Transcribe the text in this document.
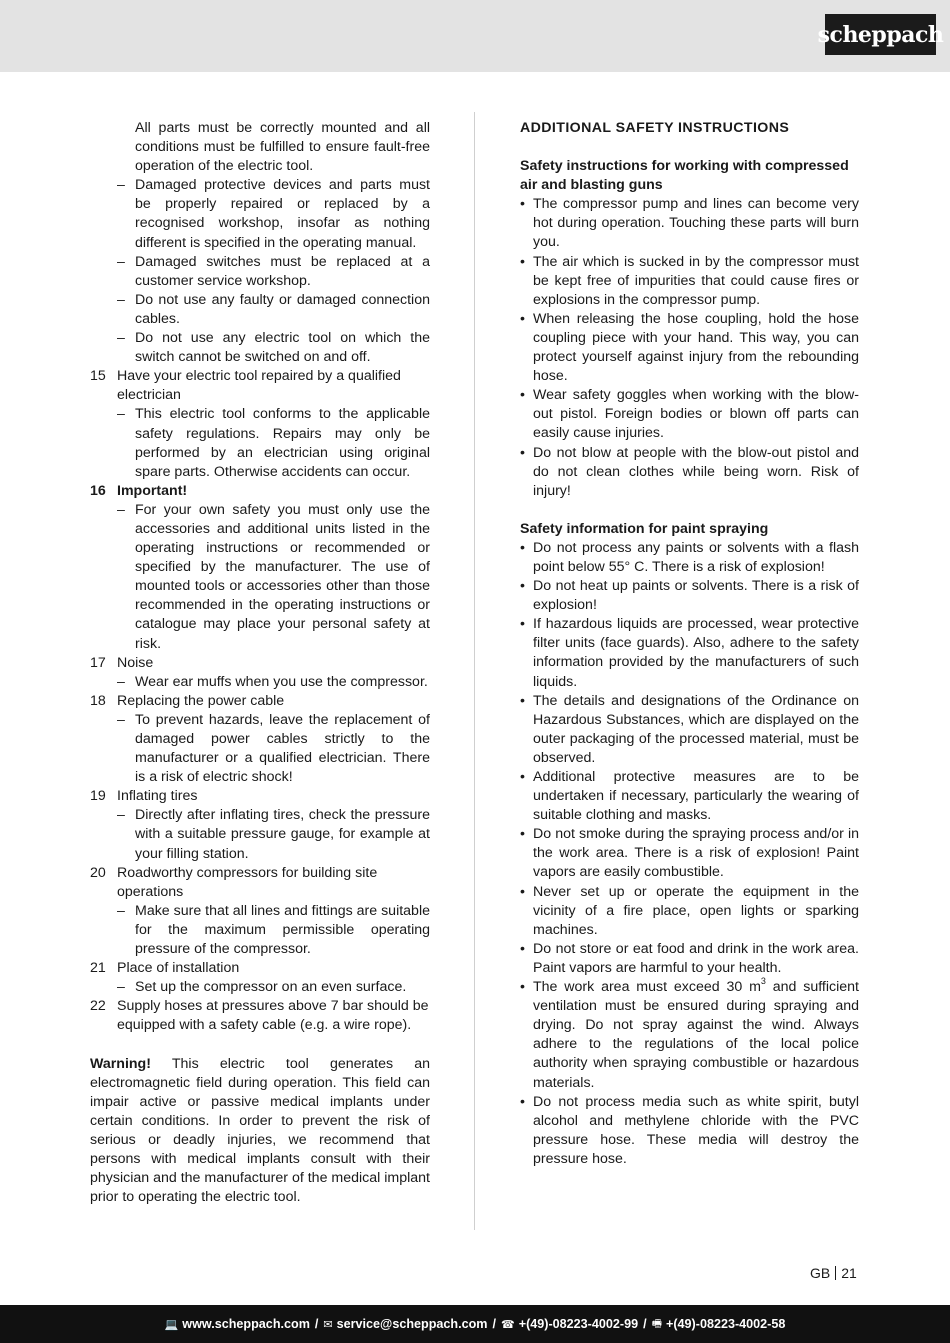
scheppach
All parts must be correctly mounted and all conditions must be fulfilled to ensure fault-free operation of the electric tool.
– Damaged protective devices and parts must be properly repaired or replaced by a recognised workshop, insofar as nothing different is specified in the operating manual.
– Damaged switches must be replaced at a customer service workshop.
– Do not use any faulty or damaged connection cables.
– Do not use any electric tool on which the switch cannot be switched on and off.
15 Have your electric tool repaired by a qualified electrician
– This electric tool conforms to the applicable safety regulations. Repairs may only be performed by an electrician using original spare parts. Otherwise accidents can occur.
16 Important!
– For your own safety you must only use the accessories and additional units listed in the operating instructions or recommended or specified by the manufacturer. The use of mounted tools or accessories other than those recommended in the operating instructions or catalogue may place your personal safety at risk.
17 Noise
– Wear ear muffs when you use the compressor.
18 Replacing the power cable
– To prevent hazards, leave the replacement of damaged power cables strictly to the manufacturer or a qualified electrician. There is a risk of electric shock!
19 Inflating tires
– Directly after inflating tires, check the pressure with a suitable pressure gauge, for example at your filling station.
20 Roadworthy compressors for building site operations
– Make sure that all lines and fittings are suitable for the maximum permissible operating pressure of the compressor.
21 Place of installation
– Set up the compressor on an even surface.
22 Supply hoses at pressures above 7 bar should be equipped with a safety cable (e.g. a wire rope).
Warning! This electric tool generates an electromagnetic field during operation. This field can impair active or passive medical implants under certain conditions. In order to prevent the risk of serious or deadly injuries, we recommend that persons with medical implants consult with their physician and the manufacturer of the medical implant prior to operating the electric tool.
ADDITIONAL SAFETY INSTRUCTIONS
Safety instructions for working with compressed air and blasting guns
• The compressor pump and lines can become very hot during operation. Touching these parts will burn you.
• The air which is sucked in by the compressor must be kept free of impurities that could cause fires or explosions in the compressor pump.
• When releasing the hose coupling, hold the hose coupling piece with your hand. This way, you can protect yourself against injury from the rebounding hose.
• Wear safety goggles when working with the blow-out pistol. Foreign bodies or blown off parts can easily cause injuries.
• Do not blow at people with the blow-out pistol and do not clean clothes while being worn. Risk of injury!
Safety information for paint spraying
• Do not process any paints or solvents with a flash point below 55° C. There is a risk of explosion!
• Do not heat up paints or solvents. There is a risk of explosion!
• If hazardous liquids are processed, wear protective filter units (face guards). Also, adhere to the safety information provided by the manufacturers of such liquids.
• The details and designations of the Ordinance on Hazardous Substances, which are displayed on the outer packaging of the processed material, must be observed.
• Additional protective measures are to be undertaken if necessary, particularly the wearing of suitable clothing and masks.
• Do not smoke during the spraying process and/or in the work area. There is a risk of explosion! Paint vapors are easily combustible.
• Never set up or operate the equipment in the vicinity of a fire place, open lights or sparking machines.
• Do not store or eat food and drink in the work area. Paint vapors are harmful to your health.
• The work area must exceed 30 $m^3$ and sufficient ventilation must be ensured during spraying and drying. Do not spray against the wind. Always adhere to the regulations of the local police authority when spraying combustible or hazardous materials.
• Do not process media such as white spirit, butyl alcohol and methylene chloride with the PVC pressure hose. These media will destroy the pressure hose.
GB 21
💻 www.scheppach.com / ✉ service@scheppach.com / ☎ +(49)-08223-4002-99 / 🖷 +(49)-08223-4002-58
